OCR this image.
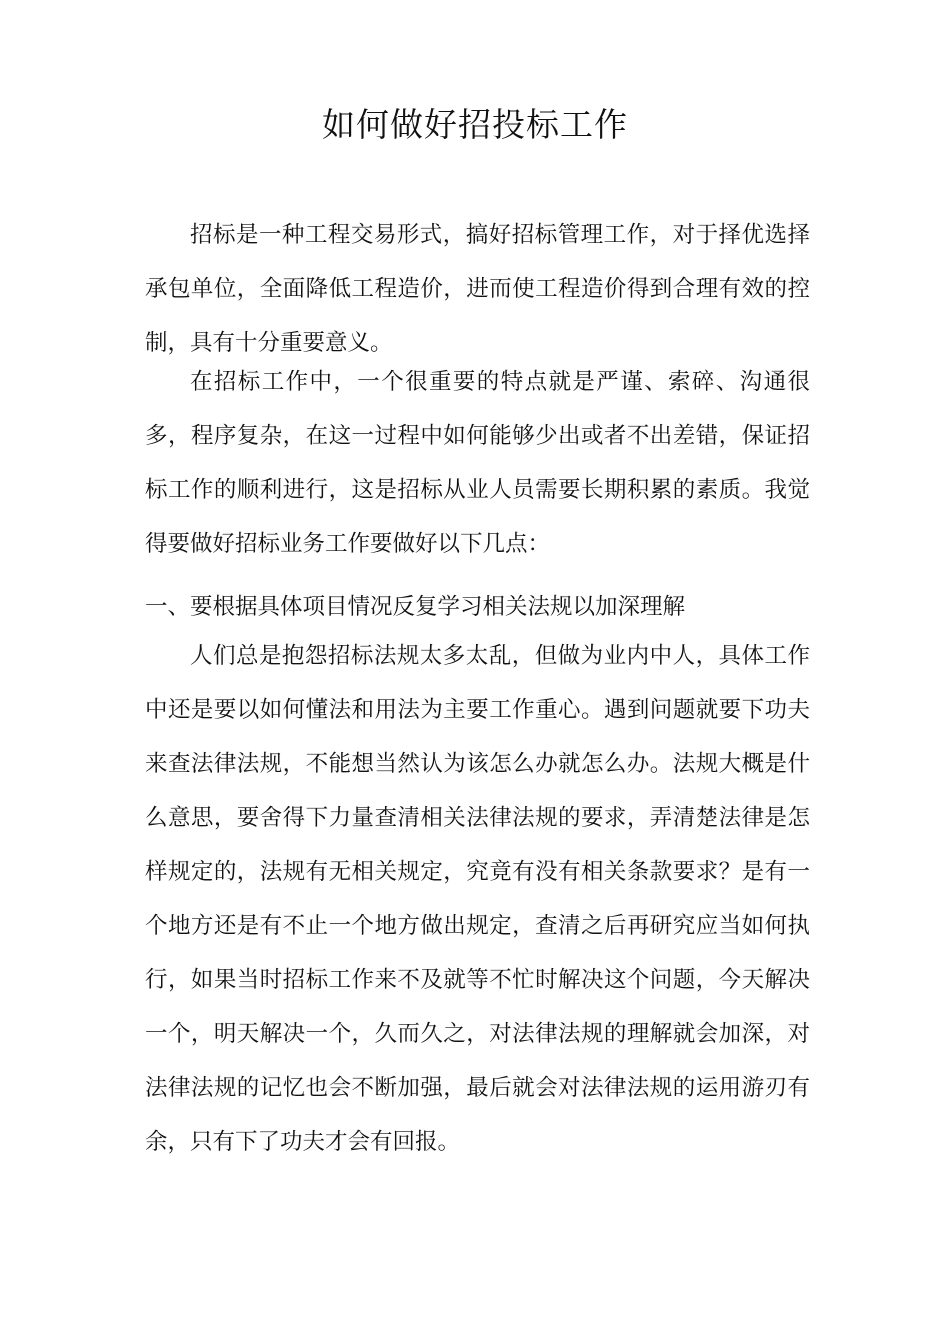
如何做好招投标工作

招标是一种工程交易形式，搞好招标管理工作，对于择优选择承包单位，全面降低工程造价，进而使工程造价得到合理有效的控制，具有十分重要意义。

在招标工作中，一个很重要的特点就是严谨、索碎、沟通很多，程序复杂，在这一过程中如何能够少出或者不出差错，保证招标工作的顺利进行，这是招标从业人员需要长期积累的素质。我觉得要做好招标业务工作要做好以下几点：

一、要根据具体项目情况反复学习相关法规以加深理解

人们总是抱怨招标法规太多太乱，但做为业内中人，具体工作中还是要以如何懂法和用法为主要工作重心。遇到问题就要下功夫来查法律法规，不能想当然认为该怎么办就怎么办。法规大概是什么意思，要舍得下力量查清相关法律法规的要求，弄清楚法律是怎样规定的，法规有无相关规定，究竟有没有相关条款要求？是有一个地方还是有不止一个地方做出规定，查清之后再研究应当如何执行，如果当时招标工作来不及就等不忙时解决这个问题，今天解决一个，明天解决一个，久而久之，对法律法规的理解就会加深，对法律法规的记忆也会不断加强，最后就会对法律法规的运用游刃有余，只有下了功夫才会有回报。
